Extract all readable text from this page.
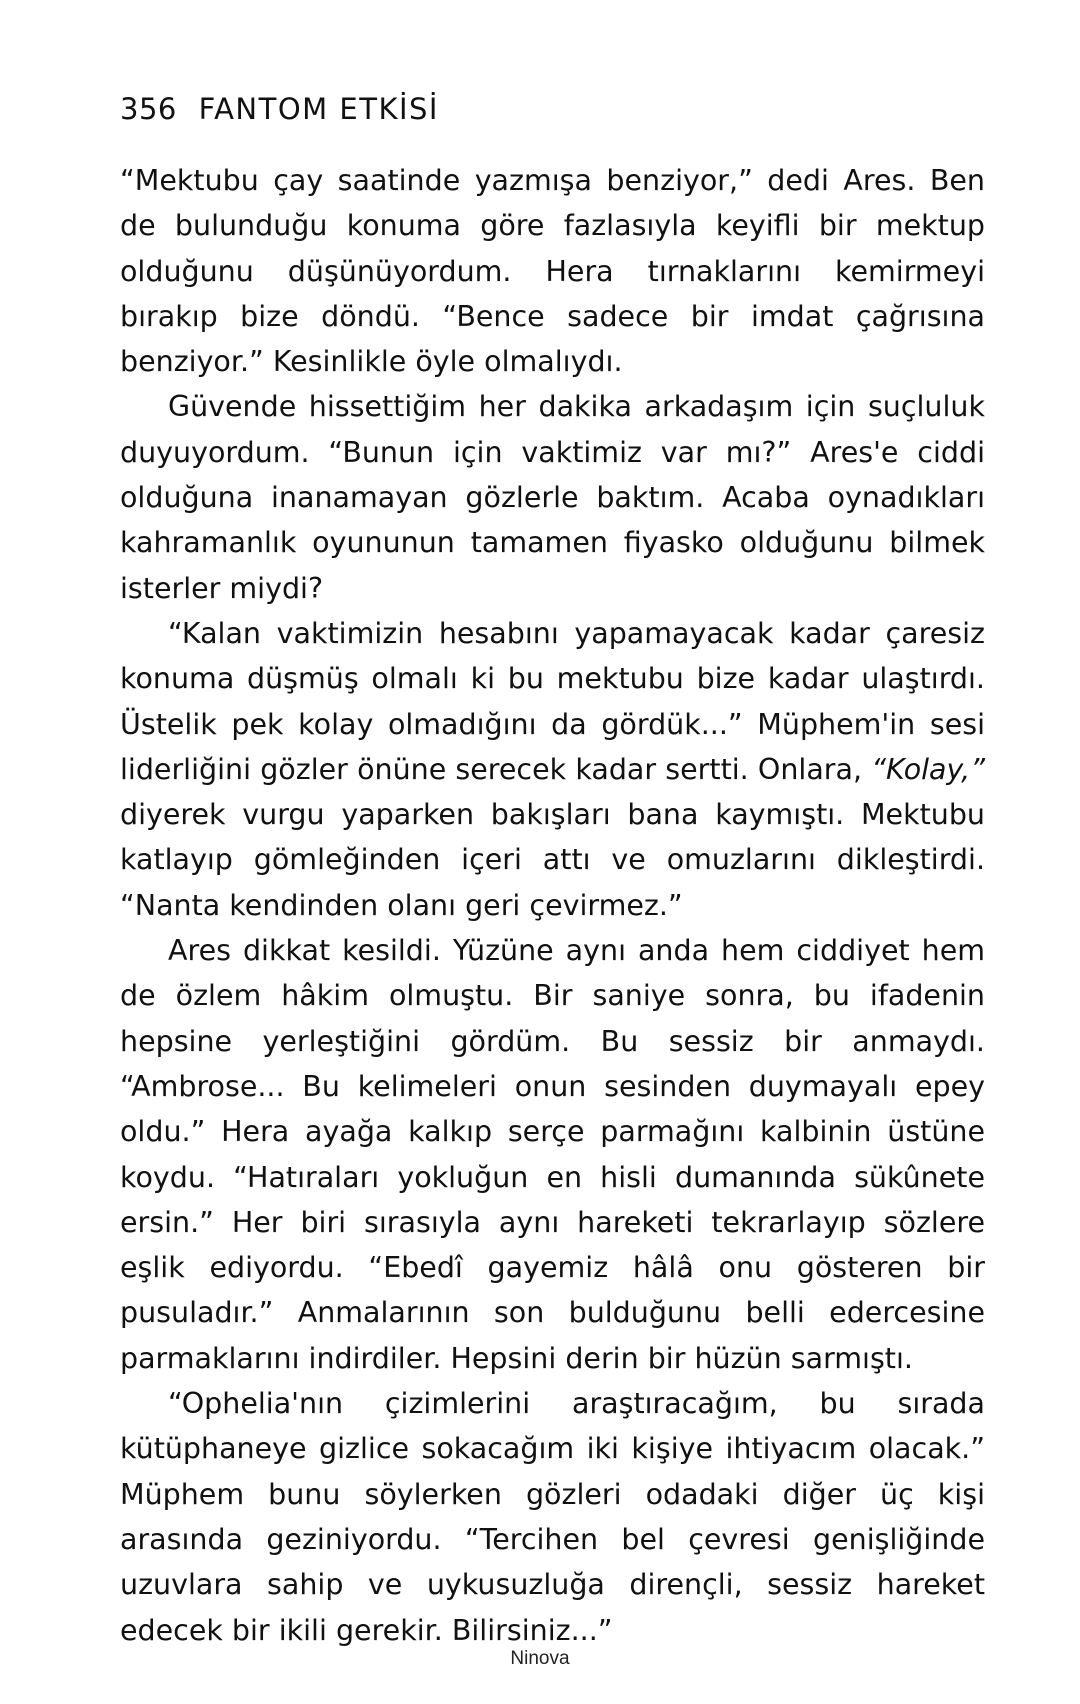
356 FANTOM ETKİSİ

“Mektubu çay saatinde yazmışa benziyor,” dedi Ares. Ben de bulunduğu konuma göre fazlasıyla keyifli bir mektup olduğunu düşünüyordum. Hera tırnaklarını kemirmeyi bırakıp bize döndü. “Bence sadece bir imdat çağrısına benziyor.” Kesinlikle öyle olmalıydı.

Güvende hissettiğim her dakika arkadaşım için suçluluk duyuyordum. “Bunun için vaktimiz var mı?” Ares'e ciddi olduğuna inanamayan gözlerle baktım. Acaba oynadıkları kahramanlık oyununun tamamen fiyasko olduğunu bilmek isterler miydi?

“Kalan vaktimizin hesabını yapamayacak kadar çaresiz konuma düşmüş olmalı ki bu mektubu bize kadar ulaştırdı. Üstelik pek kolay olmadığını da gördük...” Müphem'in sesi liderliğini gözler önüne serecek kadar sertti. Onlara, “Kolay,” diyerek vurgu yaparken bakışları bana kaymıştı. Mektubu katlayıp gömleğinden içeri attı ve omuzlarını dikleştirdi. “Nanta kendinden olanı geri çevirmez.”

Ares dikkat kesildi. Yüzüne aynı anda hem ciddiyet hem de özlem hâkim olmuştu. Bir saniye sonra, bu ifadenin hepsine yerleştiğini gördüm. Bu sessiz bir anmaydı. “Ambrose... Bu kelimeleri onun sesinden duymayalı epey oldu.” Hera ayağa kalkıp serçe parmağını kalbinin üstüne koydu. “Hatıraları yokluğun en hisli dumanında sükûnete ersin.” Her biri sırasıyla aynı hareketi tekrarlayıp sözlere eşlik ediyordu. “Ebedî gayemiz hâlâ onu gösteren bir pusuladır.” Anmalarının son bulduğunu belli edercesine parmaklarını indirdiler. Hepsini derin bir hüzün sarmıştı.

“Ophelia'nın çizimlerini araştıracağım, bu sırada kütüphaneye gizlice sokacağım iki kişiye ihtiyacım olacak.” Müphem bunu söylerken gözleri odadaki diğer üç kişi arasında geziniyordu. “Tercihen bel çevresi genişliğinde uzuvlara sahip ve uykusuzluğa dirençli, sessiz hareket edecek bir ikili gerekir. Bilirsiniz...”

Ninova
